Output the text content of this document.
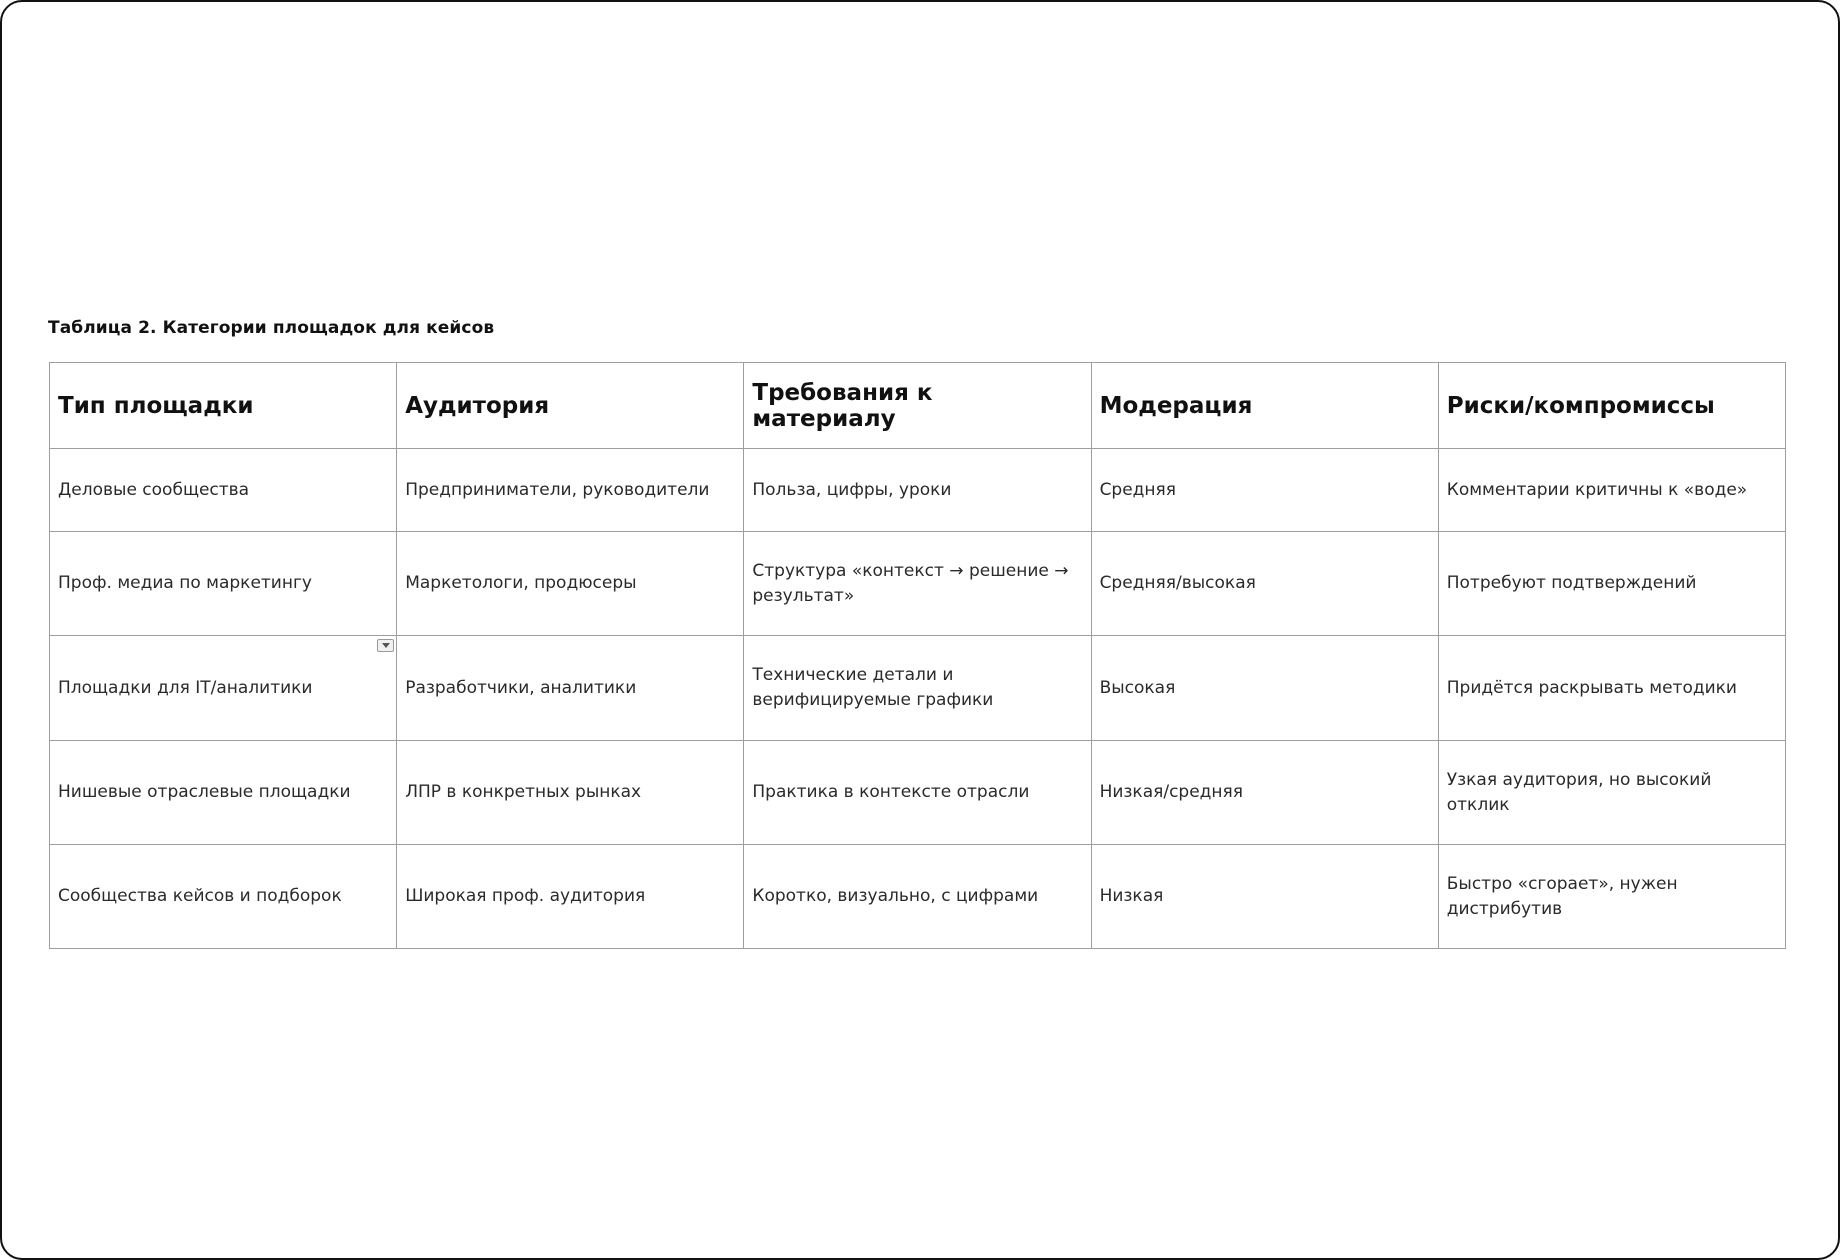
Таблица 2. Категории площадок для кейсов
Тип площадки	Аудитория	Требования к материалу	Модерация	Риски/компромиссы
Деловые сообщества	Предприниматели, руководители	Польза, цифры, уроки	Средняя	Комментарии критичны к «воде»
Проф. медиа по маркетингу	Маркетологи, продюсеры	Структура «контекст → решение → результат»	Средняя/высокая	Потребуют подтверждений
Площадки для IT/аналитики	Разработчики, аналитики	Технические детали и верифицируемые графики	Высокая	Придётся раскрывать методики
Нишевые отраслевые площадки	ЛПР в конкретных рынках	Практика в контексте отрасли	Низкая/средняя	Узкая аудитория, но высокий отклик
Сообщества кейсов и подборок	Широкая проф. аудитория	Коротко, визуально, с цифрами	Низкая	Быстро «сгорает», нужен дистрибутив
